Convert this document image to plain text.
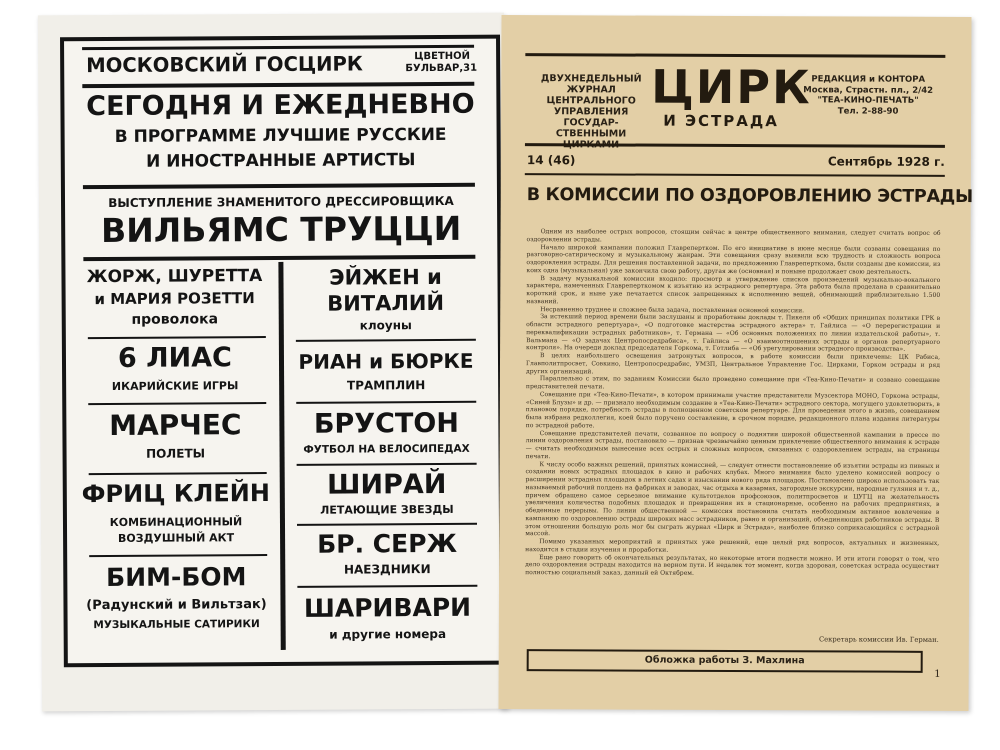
МОСКОВСКИЙ ГОСЦИРК	ЦВЕТНОЙ
БУЛЬВАР,31
СЕГОДНЯ И ЕЖЕДНЕВНО
В ПРОГРАММЕ ЛУЧШИЕ РУССКИЕ
И ИНОСТРАННЫЕ АРТИСТЫ
ВЫСТУПЛЕНИЕ ЗНАМЕНИТОГО ДРЕССИРОВЩИКА
ВИЛЬЯМС ТРУЦЦИ
ЖОРЖ, ШУРЕТТА
и МАРИЯ РОЗЕТТИ
проволока
6 ЛИАС
ИКАРИЙСКИЕ ИГРЫ
МАРЧЕС
ПОЛЕТЫ
ФРИЦ КЛЕЙН
КОМБИНАЦИОННЫЙ
ВОЗДУШНЫЙ АКТ
БИМ-БОМ
(Радунский и Вильтзак)
МУЗЫКАЛЬНЫЕ САТИРИКИ
ЭЙЖЕН и
ВИТАЛИЙ
клоуны
РИАН и БЮРКЕ
ТРАМПЛИН
БРУСТОН
ФУТБОЛ НА ВЕЛОСИПЕДАХ
ШИРАЙ
ЛЕТАЮЩИЕ ЗВЕЗДЫ
БР. СЕРЖ
НАЕЗДНИКИ
ШАРИВАРИ
и другие номера
ДВУХНЕДЕЛЬНЫЙ
ЖУРНАЛ ЦЕНТРАЛЬНОГО
УПРАВЛЕНИЯ ГОСУДАР-
СТВЕННЫМИ
ЦИРК
И ЭСТРАДА
РЕДАКЦИЯ и КОНТОРА
Москва, Страстн. пл., 2/42
"ТЕА-КИНО-ПЕЧАТЬ"
Тел. 2-88-90
14 (46)	Сентябрь 1928 г.
В КОМИССИИ ПО ОЗДОРОВЛЕНИЮ ЭСТРАДЫ

Одним из наиболее острых вопросов, стоящим сейчас в центре общественного внимания, следует считать вопрос об оздоровлении эстрады.

Начало широкой кампании положил Главрепертком. По его инициативе в июне месяце были созваны совещания по разговорно-сатирическому и музыкальному жанрам. Эти совещания сразу выявили всю трудность и сложность вопроса оздоровления эстрады. Для решения поставленной задачи, по предложению Главреперткома, были созданы две комиссии, из коих одна (музыкальная) уже закончила свою работу, другая же (основная) и поныне продолжает свою деятельность.

В задачу музыкальной комиссии входило: просмотр и утверждение списков произведений музыкально-вокального характера, намеченных Главреперткомом к изъятию из эстрадного репертуара. Эта работа была проделана в сравнительно короткий срок, и ныне уже печатается список запрещенных к исполнению вещей, обнимающий приблизительно 1.500 названий.

Несравненно труднее и сложнее была задача, поставленная основной комиссии.

За истекший период времени были заслушаны и проработаны доклады т. Пикеля об «Общих принципах политики ГРК в области эстрадного репертуара», «О подготовке мастерства эстрадного актера» т. Гайлиса — «О перерегистрации и переквалификации эстрадных работников», т. Германа — «Об основных положениях по линии издательской работы», т. Вальмана — «О задачах Центропосредрабиса», т. Гайлиса — «О взаимоотношениях эстрады и органов репертуарного контроля». На очереди доклад председателя Горкома, т. Готлиба — «Об урегулировании эстрадного производства».

В целях наибольшего освещения затронутых вопросов, в работе комиссии были привлечены: ЦК Рабиса, Главполитпросвет, Совкино, Центропосредрабис, УМЗП, Центральное Управление Гос. Цирками, Горком эстрады и ряд других организаций.

Параллельно с этим, по заданиям Комиссии было проведено совещание при «Теа-Кино-Печати» и созвано совещание представителей печати.

Совещание при «Теа-Кино-Печати», в котором принимали участие представители Музсектора МОНО, Горкома эстрады, «Синей Блузы» и др. — признало необходимым создание в «Теа-Кино-Печати» эстрадного сектора, могущего удовлетворить, в плановом порядке, потребность эстрады в полноценном советском репертуаре. Для проведения этого в жизнь, совещанием была избрана редколлегия, коей было поручено составление, в срочном порядке, редакционного плана издания литературы по эстрадной работе.

Совещание представителей печати, созванное по вопросу о поднятии широкой общественной кампании в прессе по линии оздоровления эстрады, постановило — признав чрезвычайно ценным привлечение общественного внимания к эстраде — считать необходимым вынесение всех острых и сложных вопросов, связанных с оздоровлением эстрады, на страницы печати.

К числу особо важных решений, принятых комиссией, — следует отнести постановление об изъятии эстрады из пивных и создании новых эстрадных площадок в кино и рабочих клубах. Много внимания было уделено комиссией вопросу о расширении эстрадных площадок в летних садах и изыскании нового ряда площадок. Постановлено широко использовать так называемый рабочий полдень на фабриках и заводах, час отдыха в казармах, загородные экскурсии, народные гуляния и т. д., причем обращено самое серьезное внимание культотделов профсоюзов, политпросветов и ЦУГЦ на желательность увеличения количества подобных площадок и превращения их в стационарные, особенно на рабочих предприятиях, в обеденные перерывы. По линии общественной — комиссия постановила считать необходимым активное вовлечение в кампанию по оздоровлению эстрады широких масс эстрадников, равно и организаций, объединяющих работников эстрады. В этом отношении большую роль мог бы сыграть журнал «Цирк и Эстрада», наиболее близко соприкасающийся с эстрадной массой.

Помимо указанных мероприятий и принятых уже решений, еще целый ряд вопросов, актуальных и жизненных, находится в стадии изучения и проработки.

Еще рано говорить об окончательных результатах, но некоторые итоги подвести можно. И эти итоги говорят о том, что дело оздоровления эстрады находится на верном пути. И недалек тот момент, когда здоровая, советская эстрада осуществит полностью социальный заказ, данный ей Октябрем.

Секретарь комиссии Ив. Герман.
Обложка работы З. Махлина
1
